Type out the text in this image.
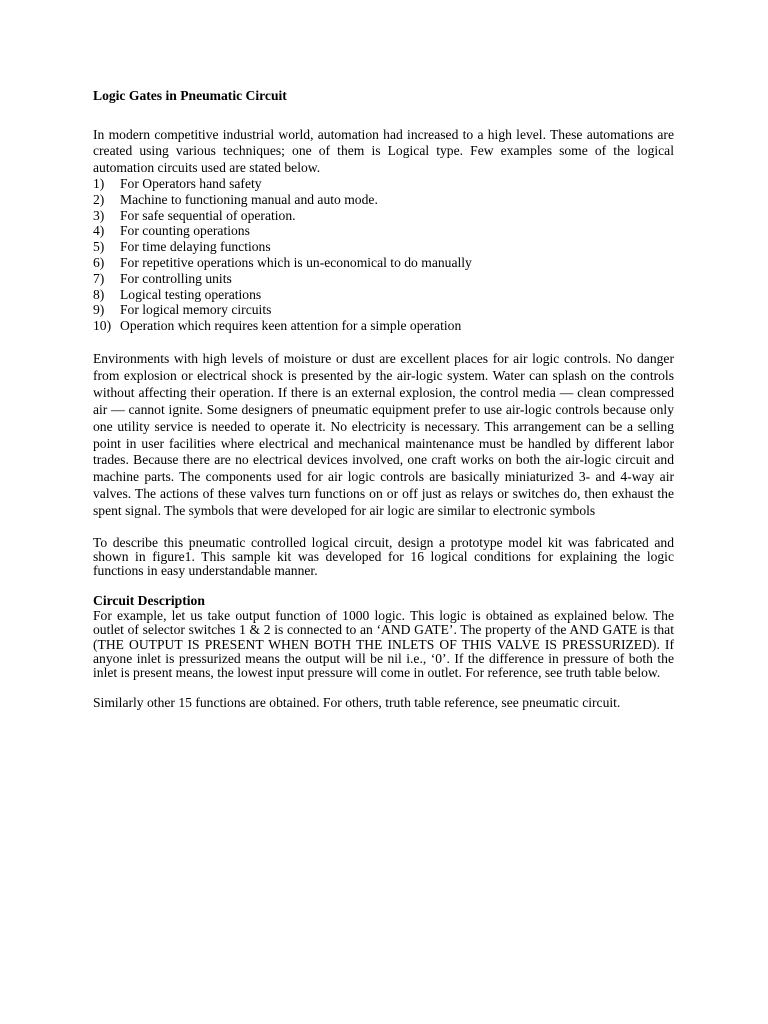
Logic Gates in Pneumatic Circuit

In modern competitive industrial world, automation had increased to a high level. These automations are created using various techniques; one of them is Logical type. Few examples some of the logical automation circuits used are stated below.

1)	For Operators hand safety
2)	Machine to functioning manual and auto mode.
3)	For safe sequential of operation.
4)	For counting operations
5)	For time delaying functions
6)	For repetitive operations which is un-economical to do manually
7)	For controlling units
8)	Logical testing operations
9)	For logical memory circuits
10) Operation which requires keen attention for a simple operation

Environments with high levels of moisture or dust are excellent places for air logic controls. No danger from explosion or electrical shock is presented by the air-logic system. Water can splash on the controls without affecting their operation. If there is an external explosion, the control media — clean compressed air — cannot ignite. Some designers of pneumatic equipment prefer to use air-logic controls because only one utility service is needed to operate it. No electricity is necessary. This arrangement can be a selling point in user facilities where electrical and mechanical maintenance must be handled by different labor trades. Because there are no electrical devices involved, one craft works on both the air-logic circuit and machine parts. The components used for air logic controls are basically miniaturized 3- and 4-way air valves. The actions of these valves turn functions on or off just as relays or switches do, then exhaust the spent signal. The symbols that were developed for air logic are similar to electronic symbols

To describe this pneumatic controlled logical circuit, design a prototype model kit was fabricated and shown in figure1. This sample kit was developed for 16 logical conditions for explaining the logic functions in easy understandable manner.

Circuit Description

For example, let us take output function of 1000 logic. This logic is obtained as explained below. The outlet of selector switches 1 & 2 is connected to an ‘AND GATE’. The property of the AND GATE is that (THE OUTPUT IS PRESENT WHEN BOTH THE INLETS OF THIS VALVE IS PRESSURIZED). If anyone inlet is pressurized means the output will be nil i.e., ‘0’. If the difference in pressure of both the inlet is present means, the lowest input pressure will come in outlet. For reference, see truth table below.

Similarly other 15 functions are obtained. For others, truth table reference, see pneumatic circuit.
